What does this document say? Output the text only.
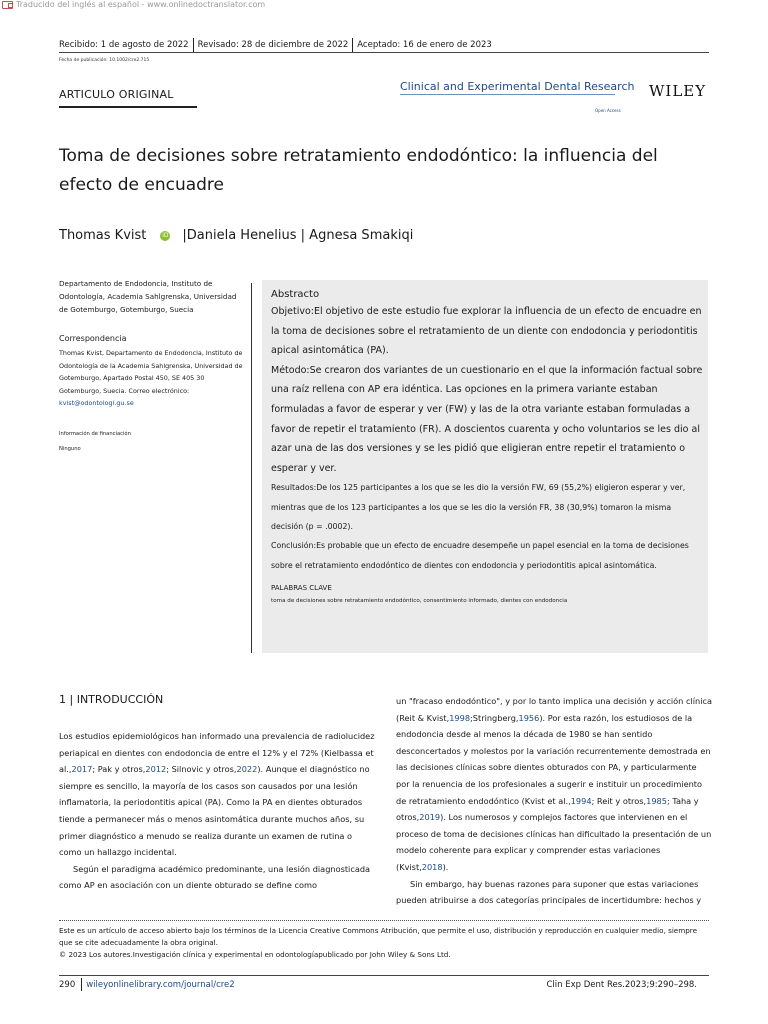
Traducido del inglés al español - www.onlinedoctranslator.com
Recibido: 1 de agosto de 2022 Revisado: 28 de diciembre de 2022 Aceptado: 16 de enero de 2023
Fecha de publicación: 10.1002/cre2.715
ARTICULO ORIGINAL
Clinical and Experimental Dental Research
Open Access
WILEY
Toma de decisiones sobre retratamiento endodóntico: la influencia del efecto de encuadre
Thomas Kvist	iD |Daniela Henelius | Agnesa Smakiqi
Departamento de Endodoncia, Instituto de Odontología, Academia Sahlgrenska, Universidad de Gotemburgo, Gotemburgo, Suecia
Correspondencia
Thomas Kvist, Departamento de Endodoncia, Instituto de Odontología de la Academia Sahlgrenska, Universidad de Gotemburgo, Apartado Postal 450, SE 405 30 Gotemburgo, Suecia. Correo electrónico: kvist@odontologi.gu.se
Información de financiación
Ninguno
Abstracto

Objetivo:El objetivo de este estudio fue explorar la influencia de un efecto de encuadre en la toma de decisiones sobre el retratamiento de un diente con endodoncia y periodontitis apical asintomática (PA).

Método:Se crearon dos variantes de un cuestionario en el que la información factual sobre una raíz rellena con AP era idéntica. Las opciones en la primera variante estaban formuladas a favor de esperar y ver (FW) y las de la otra variante estaban formuladas a favor de repetir el tratamiento (FR). A doscientos cuarenta y ocho voluntarios se les dio al azar una de las dos versiones y se les pidió que eligieran entre repetir el tratamiento o esperar y ver.

Resultados:De los 125 participantes a los que se les dio la versión FW, 69 (55,2%) eligieron esperar y ver, mientras que de los 123 participantes a los que se les dio la versión FR, 38 (30,9%) tomaron la misma decisión (p = .0002).

Conclusión:Es probable que un efecto de encuadre desempeñe un papel esencial en la toma de decisiones sobre el retratamiento endodóntico de dientes con endodoncia y periodontitis apical asintomática.

PALABRAS CLAVE
toma de decisiones sobre retratamiento endodóntico, consentimiento informado, dientes con endodoncia
1 | INTRODUCCIÓN

Los estudios epidemiológicos han informado una prevalencia de radiolucidez periapical en dientes con endodoncia de entre el 12% y el 72% (Kielbassa et al.,2017; Pak y otros,2012; Silnovic y otros,2022). Aunque el diagnóstico no siempre es sencillo, la mayoría de los casos son causados por una lesión inflamatoria, la periodontitis apical (PA). Como la PA en dientes obturados tiende a permanecer más o menos asintomática durante muchos años, su primer diagnóstico a menudo se realiza durante un examen de rutina o como un hallazgo incidental.

Según el paradigma académico predominante, una lesión diagnosticada como AP en asociación con un diente obturado se define como

un "fracaso endodóntico", y por lo tanto implica una decisión y acción clínica (Reit & Kvist,1998;Stringberg,1956). Por esta razón, los estudiosos de la endodoncia desde al menos la década de 1980 se han sentido desconcertados y molestos por la variación recurrentemente demostrada en las decisiones clínicas sobre dientes obturados con PA, y particularmente por la renuencia de los profesionales a sugerir e instituir un procedimiento de retratamiento endodóntico (Kvist et al.,1994; Reit y otros,1985; Taha y otros,2019). Los numerosos y complejos factores que intervienen en el proceso de toma de decisiones clínicas han dificultado la presentación de un modelo coherente para explicar y comprender estas variaciones (Kvist,2018).

Sin embargo, hay buenas razones para suponer que estas variaciones pueden atribuirse a dos categorías principales de incertidumbre: hechos y

Este es un artículo de acceso abierto bajo los términos de la Licencia Creative Commons Atribución, que permite el uso, distribución y reproducción en cualquier medio, siempre que se cite adecuadamente la obra original.
© 2023 Los autores.Investigación clínica y experimental en odontologíapublicado por John Wiley & Sons Ltd.
290 wileyonlinelibrary.com/journal/cre2	Clin Exp Dent Res.2023;9:290–298.
